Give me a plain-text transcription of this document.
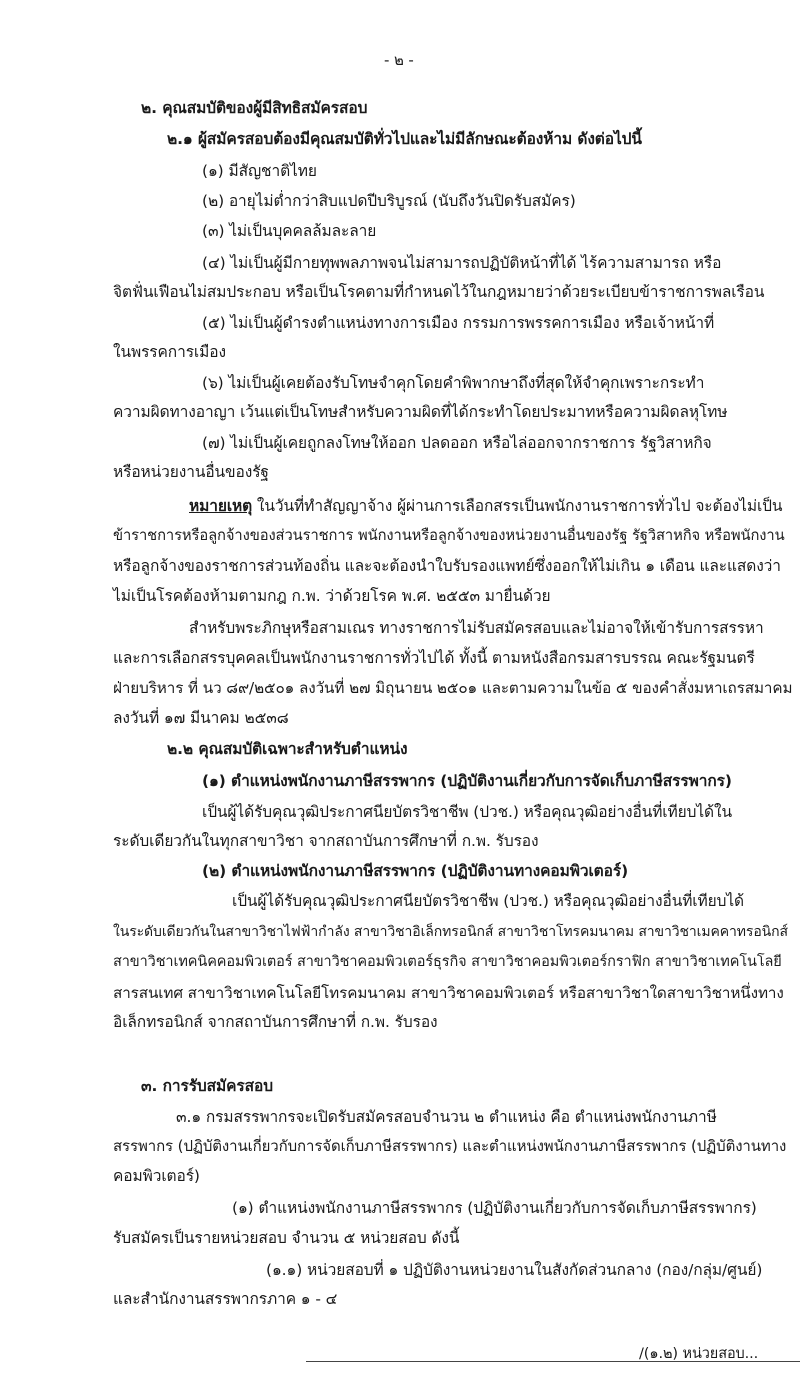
- ๒ -

๒. คุณสมบัติของผู้มีสิทธิสมัครสอบ

๒.๑ ผู้สมัครสอบต้องมีคุณสมบัติทั่วไปและไม่มีลักษณะต้องห้าม ดังต่อไปนี้

(๑) มีสัญชาติไทย

(๒) อายุไม่ต่ำกว่าสิบแปดปีบริบูรณ์ (นับถึงวันปิดรับสมัคร)

(๓) ไม่เป็นบุคคลล้มละลาย

(๔) ไม่เป็นผู้มีกายทุพพลภาพจนไม่สามารถปฏิบัติหน้าที่ได้ ไร้ความสามารถ หรือ

จิตฟั่นเฟือนไม่สมประกอบ หรือเป็นโรคตามที่กำหนดไว้ในกฎหมายว่าด้วยระเบียบข้าราชการพลเรือน

(๕) ไม่เป็นผู้ดำรงตำแหน่งทางการเมือง กรรมการพรรคการเมือง หรือเจ้าหน้าที่

ในพรรคการเมือง

(๖) ไม่เป็นผู้เคยต้องรับโทษจำคุกโดยคำพิพากษาถึงที่สุดให้จำคุกเพราะกระทำ

ความผิดทางอาญา เว้นแต่เป็นโทษสำหรับความผิดที่ได้กระทำโดยประมาทหรือความผิดลหุโทษ

(๗) ไม่เป็นผู้เคยถูกลงโทษให้ออก ปลดออก หรือไล่ออกจากราชการ รัฐวิสาหกิจ

หรือหน่วยงานอื่นของรัฐ

หมายเหตุ ในวันที่ทำสัญญาจ้าง ผู้ผ่านการเลือกสรรเป็นพนักงานราชการทั่วไป จะต้องไม่เป็น

ข้าราชการหรือลูกจ้างของส่วนราชการ พนักงานหรือลูกจ้างของหน่วยงานอื่นของรัฐ รัฐวิสาหกิจ หรือพนักงาน

หรือลูกจ้างของราชการส่วนท้องถิ่น และจะต้องนำใบรับรองแพทย์ซึ่งออกให้ไม่เกิน ๑ เดือน และแสดงว่า

ไม่เป็นโรคต้องห้ามตามกฎ ก.พ. ว่าด้วยโรค พ.ศ. ๒๕๕๓ มายื่นด้วย

สำหรับพระภิกษุหรือสามเณร ทางราชการไม่รับสมัครสอบและไม่อาจให้เข้ารับการสรรหา

และการเลือกสรรบุคคลเป็นพนักงานราชการทั่วไปได้ ทั้งนี้ ตามหนังสือกรมสารบรรณ คณะรัฐมนตรี

ฝ่ายบริหาร ที่ นว ๘๙/๒๕๐๑ ลงวันที่ ๒๗ มิถุนายน ๒๕๐๑ และตามความในข้อ ๕ ของคำสั่งมหาเถรสมาคม

ลงวันที่ ๑๗ มีนาคม ๒๕๓๘

๒.๒ คุณสมบัติเฉพาะสำหรับตำแหน่ง

(๑) ตำแหน่งพนักงานภาษีสรรพากร (ปฏิบัติงานเกี่ยวกับการจัดเก็บภาษีสรรพากร)

เป็นผู้ได้รับคุณวุฒิประกาศนียบัตรวิชาชีพ (ปวช.) หรือคุณวุฒิอย่างอื่นที่เทียบได้ใน

ระดับเดียวกันในทุกสาขาวิชา จากสถาบันการศึกษาที่ ก.พ. รับรอง

(๒) ตำแหน่งพนักงานภาษีสรรพากร (ปฏิบัติงานทางคอมพิวเตอร์)

เป็นผู้ได้รับคุณวุฒิประกาศนียบัตรวิชาชีพ (ปวช.) หรือคุณวุฒิอย่างอื่นที่เทียบได้

ในระดับเดียวกันในสาขาวิชาไฟฟ้ากำลัง สาขาวิชาอิเล็กทรอนิกส์ สาขาวิชาโทรคมนาคม สาขาวิชาเมคคาทรอนิกส์

สาขาวิชาเทคนิคคอมพิวเตอร์ สาขาวิชาคอมพิวเตอร์ธุรกิจ สาขาวิชาคอมพิวเตอร์กราฟิก สาขาวิชาเทคโนโลยี

สารสนเทศ สาขาวิชาเทคโนโลยีโทรคมนาคม สาขาวิชาคอมพิวเตอร์ หรือสาขาวิชาใดสาขาวิชาหนึ่งทาง

อิเล็กทรอนิกส์ จากสถาบันการศึกษาที่ ก.พ. รับรอง

๓. การรับสมัครสอบ

๓.๑ กรมสรรพากรจะเปิดรับสมัครสอบจำนวน ๒ ตำแหน่ง คือ ตำแหน่งพนักงานภาษี

สรรพากร (ปฏิบัติงานเกี่ยวกับการจัดเก็บภาษีสรรพากร) และตำแหน่งพนักงานภาษีสรรพากร (ปฏิบัติงานทาง

คอมพิวเตอร์)

(๑) ตำแหน่งพนักงานภาษีสรรพากร (ปฏิบัติงานเกี่ยวกับการจัดเก็บภาษีสรรพากร)

รับสมัครเป็นรายหน่วยสอบ จำนวน ๕ หน่วยสอบ ดังนี้

(๑.๑) หน่วยสอบที่ ๑ ปฏิบัติงานหน่วยงานในสังกัดส่วนกลาง (กอง/กลุ่ม/ศูนย์)

และสำนักงานสรรพากรภาค ๑ - ๔

/(๑.๒) หน่วยสอบ...
